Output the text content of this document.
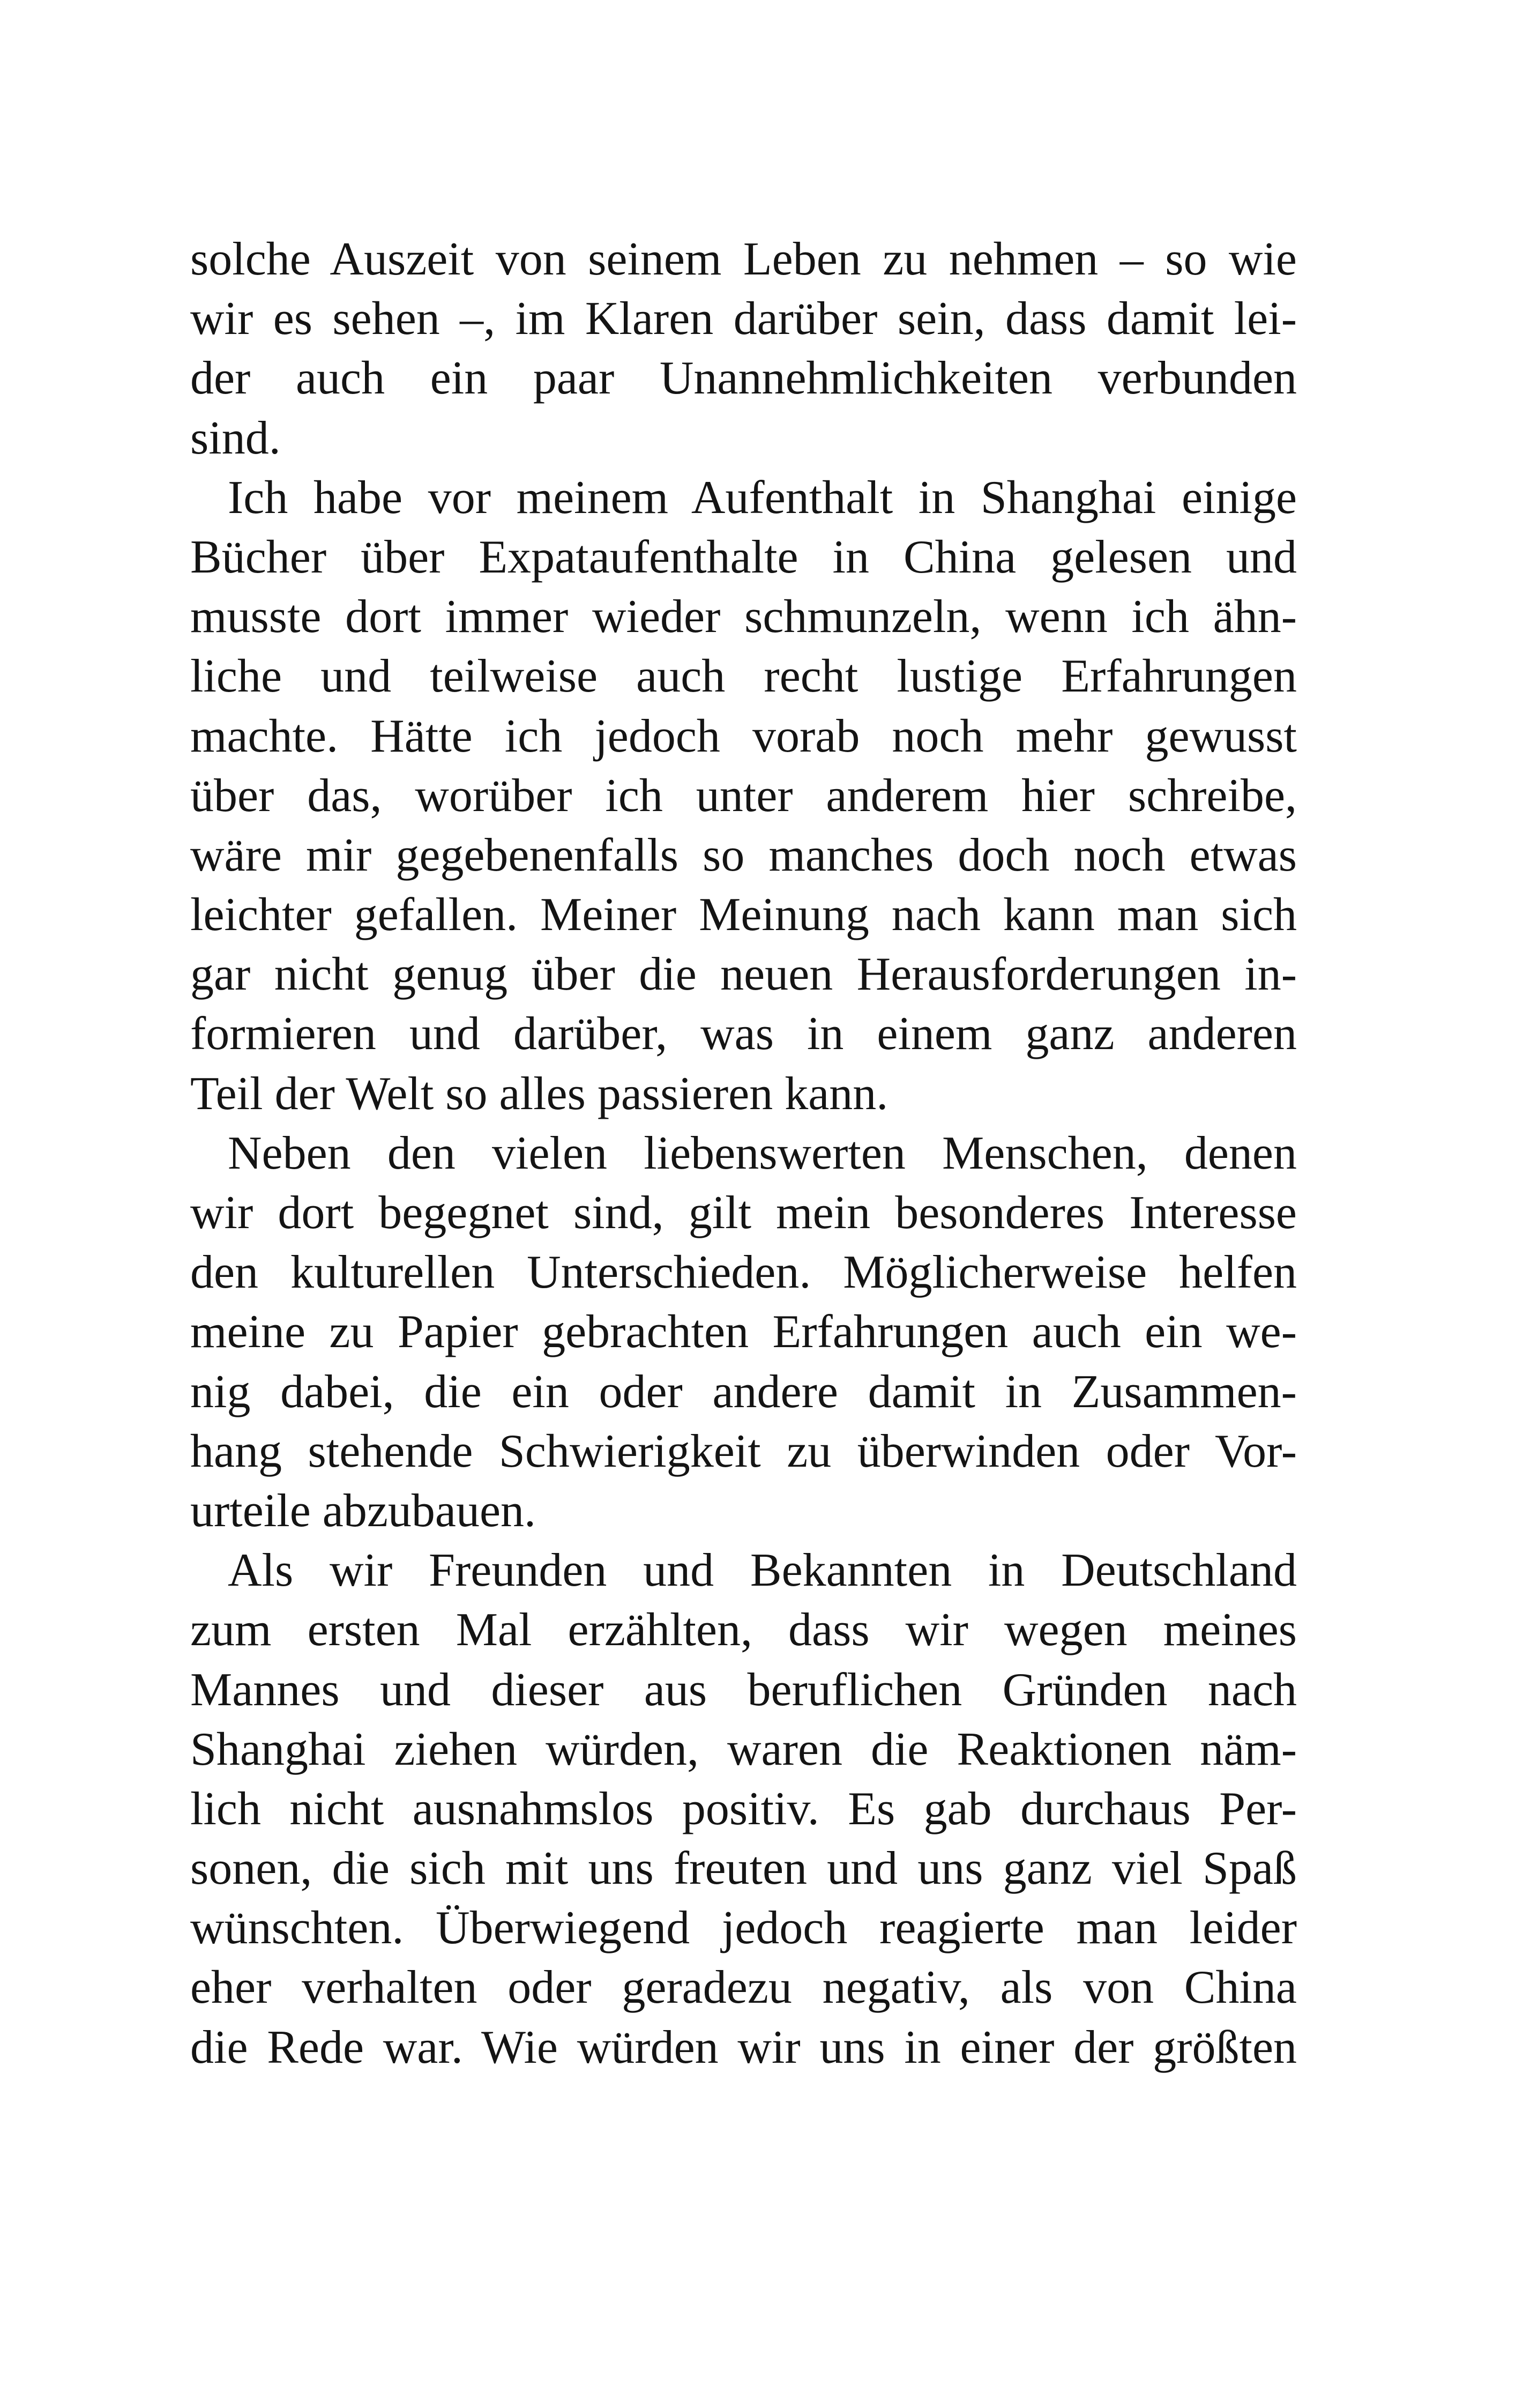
solche Auszeit von seinem Leben zu nehmen – so wie
wir es sehen –, im Klaren darüber sein, dass damit lei-
der auch ein paar Unannehmlichkeiten verbunden
sind.
Ich habe vor meinem Aufenthalt in Shanghai einige
Bücher über Expataufenthalte in China gelesen und
musste dort immer wieder schmunzeln, wenn ich ähn-
liche und teilweise auch recht lustige Erfahrungen
machte. Hätte ich jedoch vorab noch mehr gewusst
über das, worüber ich unter anderem hier schreibe,
wäre mir gegebenenfalls so manches doch noch etwas
leichter gefallen. Meiner Meinung nach kann man sich
gar nicht genug über die neuen Herausforderungen in-
formieren und darüber, was in einem ganz anderen
Teil der Welt so alles passieren kann.
Neben den vielen liebenswerten Menschen, denen
wir dort begegnet sind, gilt mein besonderes Interesse
den kulturellen Unterschieden. Möglicherweise helfen
meine zu Papier gebrachten Erfahrungen auch ein we-
nig dabei, die ein oder andere damit in Zusammen-
hang stehende Schwierigkeit zu überwinden oder Vor-
urteile abzubauen.
Als wir Freunden und Bekannten in Deutschland
zum ersten Mal erzählten, dass wir wegen meines
Mannes und dieser aus beruflichen Gründen nach
Shanghai ziehen würden, waren die Reaktionen näm-
lich nicht ausnahmslos positiv. Es gab durchaus Per-
sonen, die sich mit uns freuten und uns ganz viel Spaß
wünschten. Überwiegend jedoch reagierte man leider
eher verhalten oder geradezu negativ, als von China
die Rede war. Wie würden wir uns in einer der größten
